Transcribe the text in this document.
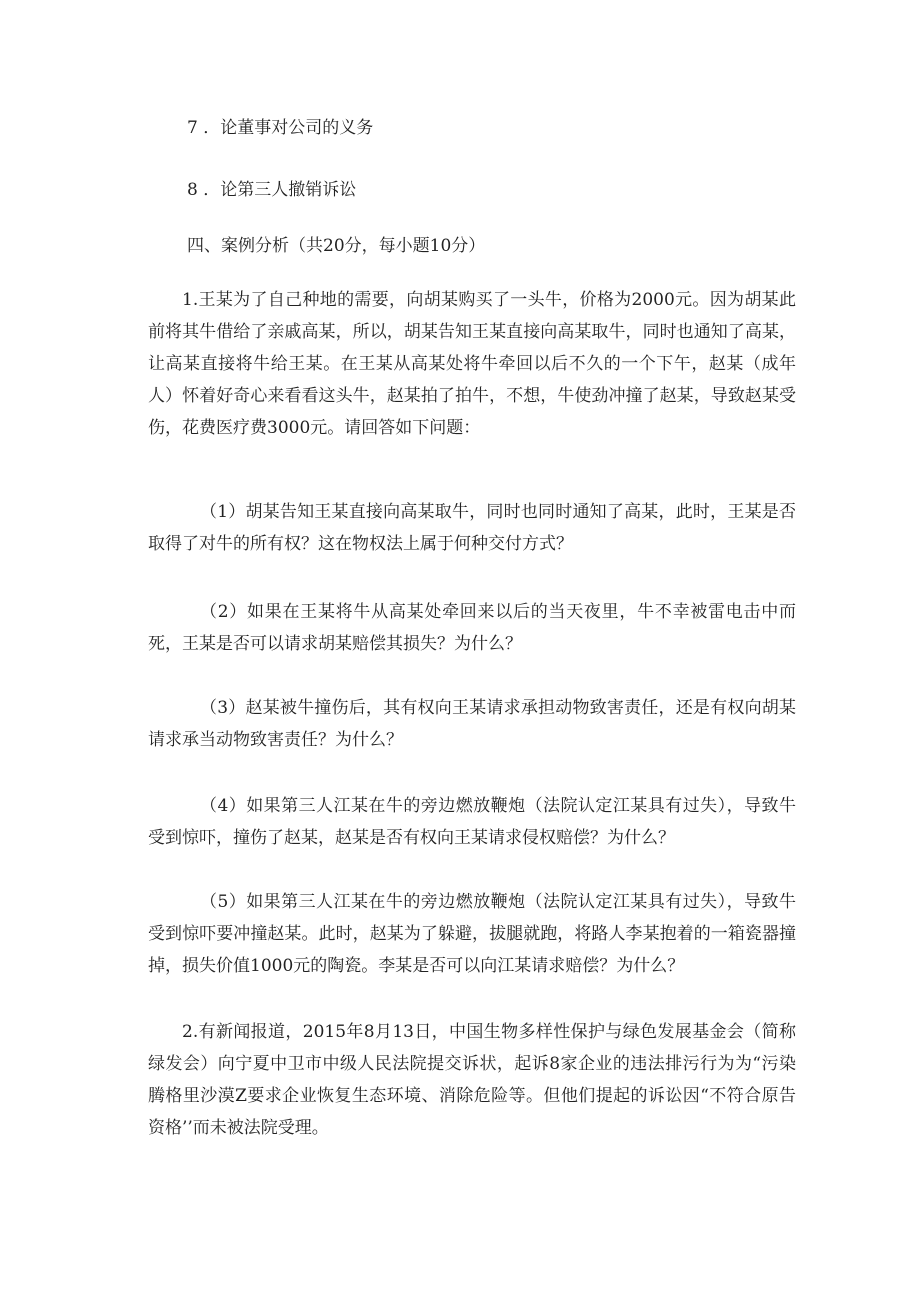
7 ．论董事对公司的义务

8 ．论第三人撤销诉讼

四、案例分析（共20分，每小题10分）

1.王某为了自己种地的需要，向胡某购买了一头牛，价格为2000元。因为胡某此前将其牛借给了亲戚高某，所以，胡某告知王某直接向高某取牛，同时也通知了高某，让高某直接将牛给王某。在王某从高某处将牛牵回以后不久的一个下午，赵某（成年人）怀着好奇心来看看这头牛，赵某拍了拍牛，不想，牛使劲冲撞了赵某，导致赵某受伤，花费医疗费3000元。请回答如下问题：

（1）胡某告知王某直接向高某取牛，同时也同时通知了高某，此时，王某是否取得了对牛的所有权？这在物权法上属于何种交付方式？

（2）如果在王某将牛从高某处牵回来以后的当天夜里，牛不幸被雷电击中而死，王某是否可以请求胡某赔偿其损失？为什么？

（3）赵某被牛撞伤后，其有权向王某请求承担动物致害责任，还是有权向胡某请求承当动物致害责任？为什么？

（4）如果第三人江某在牛的旁边燃放鞭炮（法院认定江某具有过失），导致牛受到惊吓，撞伤了赵某，赵某是否有权向王某请求侵权赔偿？为什么？

（5）如果第三人江某在牛的旁边燃放鞭炮（法院认定江某具有过失），导致牛受到惊吓要冲撞赵某。此时，赵某为了躲避，拔腿就跑，将路人李某抱着的一箱瓷器撞掉，损失价值1000元的陶瓷。李某是否可以向江某请求赔偿？为什么？

2.有新闻报道，2015年8月13日，中国生物多样性保护与绿色发展基金会（简称绿发会）向宁夏中卫市中级人民法院提交诉状，起诉8家企业的违法排污行为为“污染腾格里沙漠Z要求企业恢复生态环境、消除危险等。但他们提起的诉讼因“不符合原告资格’’而未被法院受理。
